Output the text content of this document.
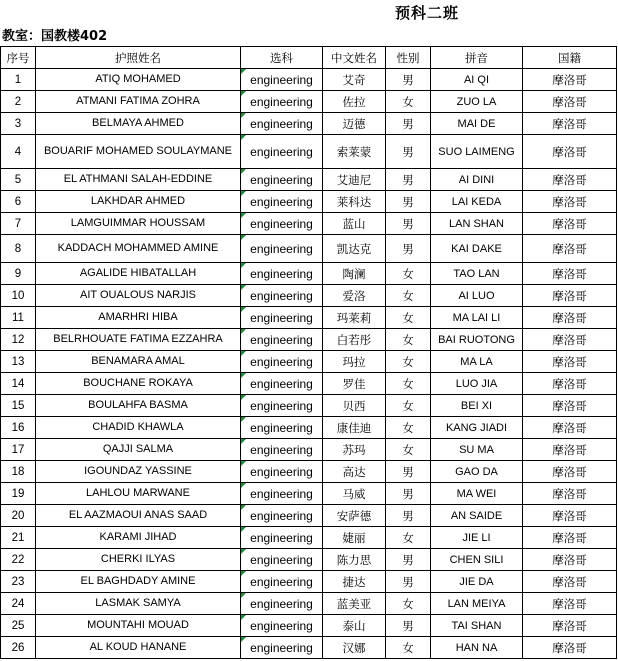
预科二班
教室：国教楼402
序号	护照姓名	选科	中文姓名	性别	拼音	国籍
1	ATIQ MOHAMED	engineering	艾奇	男	AI QI	摩洛哥
2	ATMANI FATIMA ZOHRA	engineering	佐拉	女	ZUO LA	摩洛哥
3	BELMAYA AHMED	engineering	迈德	男	MAI DE	摩洛哥
4	BOUARIF MOHAMED SOULAYMANE	engineering	索莱蒙	男	SUO LAIMENG	摩洛哥
5	EL ATHMANI SALAH-EDDINE	engineering	艾迪尼	男	AI DINI	摩洛哥
6	LAKHDAR AHMED	engineering	莱科达	男	LAI KEDA	摩洛哥
7	LAMGUIMMAR HOUSSAM	engineering	蓝山	男	LAN SHAN	摩洛哥
8	KADDACH MOHAMMED AMINE	engineering	凯达克	男	KAI DAKE	摩洛哥
9	AGALIDE HIBATALLAH	engineering	陶澜	女	TAO LAN	摩洛哥
10	AIT OUALOUS NARJIS	engineering	爱洛	女	AI LUO	摩洛哥
11	AMARHRI HIBA	engineering	玛莱莉	女	MA LAI LI	摩洛哥
12	BELRHOUATE FATIMA EZZAHRA	engineering	白若彤	女	BAI RUOTONG	摩洛哥
13	BENAMARA AMAL	engineering	玛拉	女	MA LA	摩洛哥
14	BOUCHANE ROKAYA	engineering	罗佳	女	LUO JIA	摩洛哥
15	BOULAHFA BASMA	engineering	贝西	女	BEI XI	摩洛哥
16	CHADID KHAWLA	engineering	康佳迪	女	KANG JIADI	摩洛哥
17	QAJJI SALMA	engineering	苏玛	女	SU MA	摩洛哥
18	IGOUNDAZ YASSINE	engineering	高达	男	GAO DA	摩洛哥
19	LAHLOU MARWANE	engineering	马威	男	MA WEI	摩洛哥
20	EL AAZMAOUI ANAS SAAD	engineering	安萨德	男	AN SAIDE	摩洛哥
21	KARAMI JIHAD	engineering	婕丽	女	JIE LI	摩洛哥
22	CHERKI ILYAS	engineering	陈力思	男	CHEN SILI	摩洛哥
23	EL BAGHDADY AMINE	engineering	捷达	男	JIE DA	摩洛哥
24	LASMAK SAMYA	engineering	蓝美亚	女	LAN MEIYA	摩洛哥
25	MOUNTAHI MOUAD	engineering	泰山	男	TAI SHAN	摩洛哥
26	AL KOUD HANANE	engineering	汉娜	女	HAN NA	摩洛哥
